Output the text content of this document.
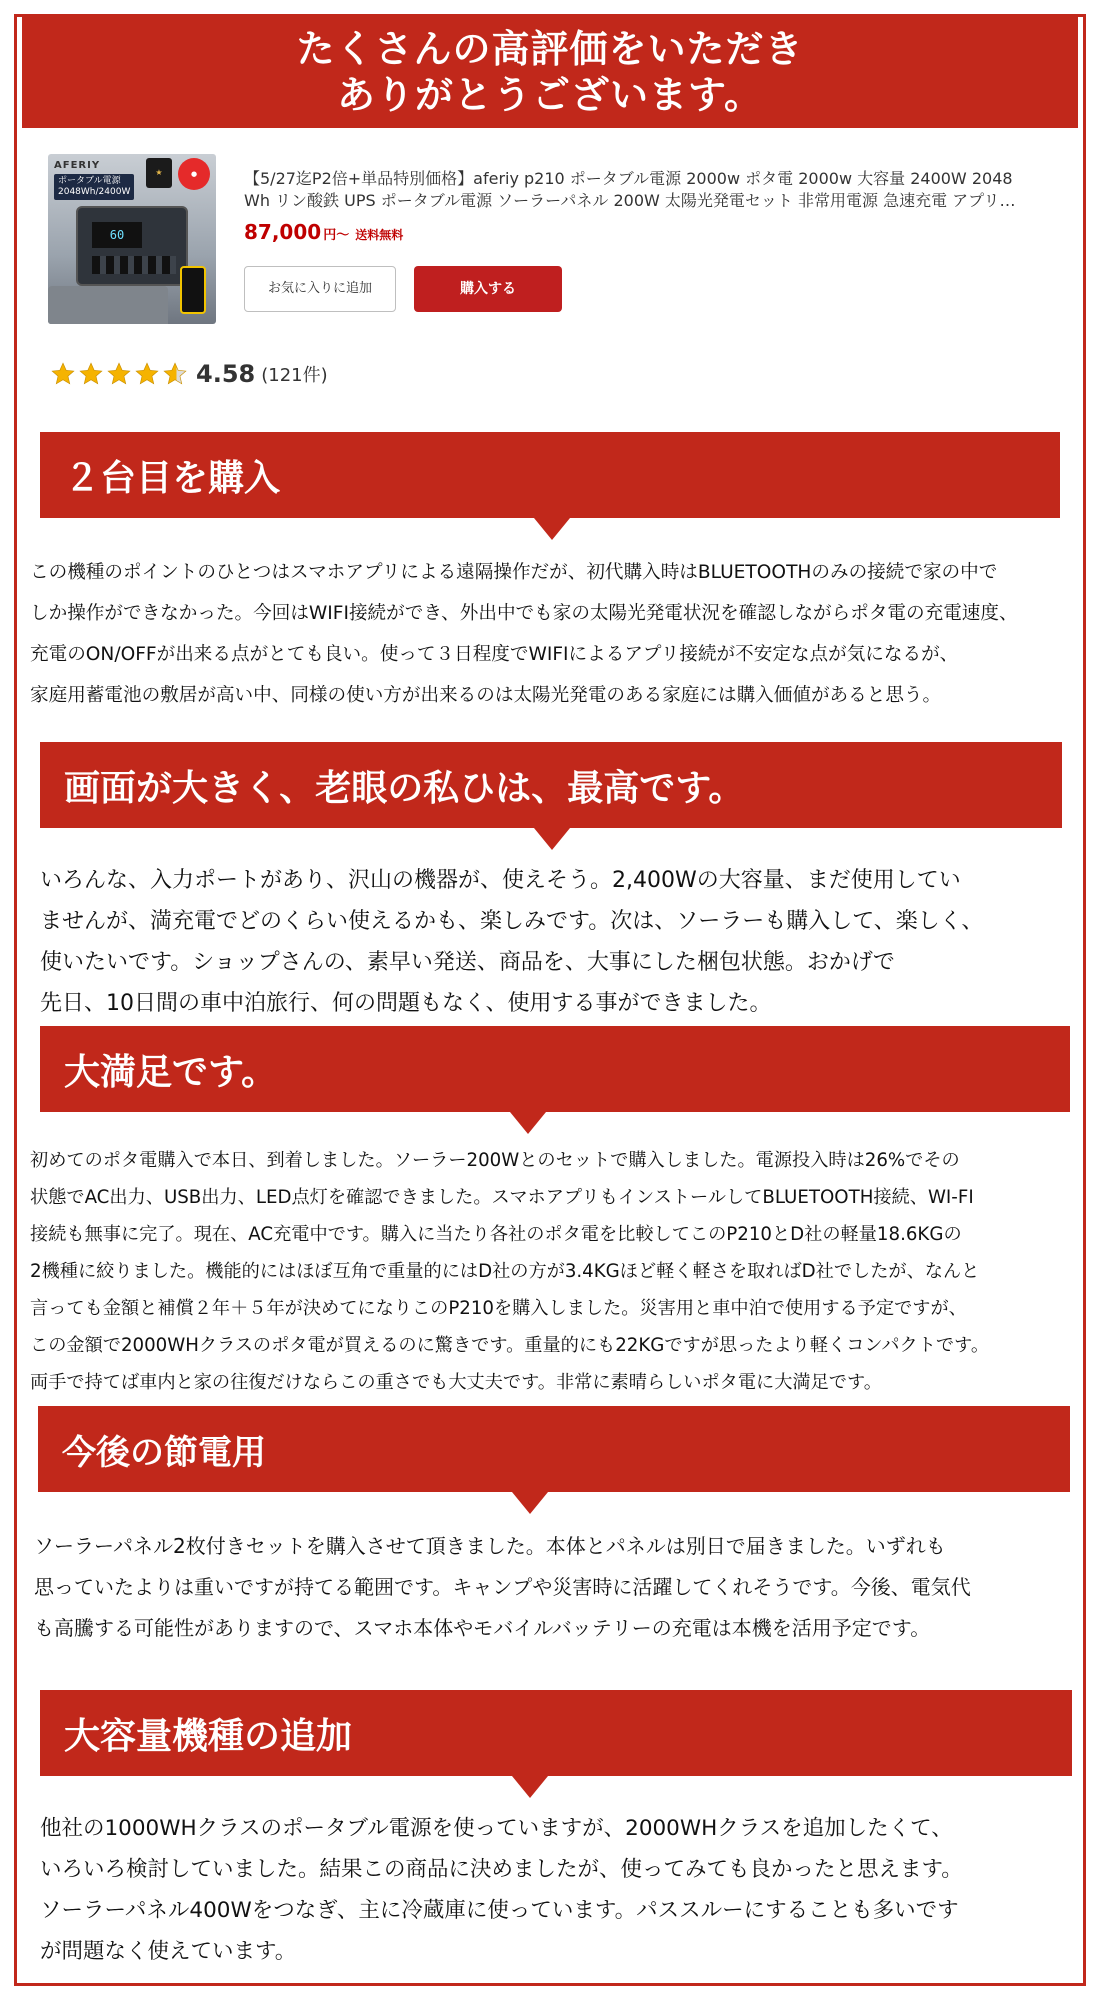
たくさんの高評価をいただき
ありがとうございます。
AFERIY
ポータブル電源
2048Wh/2400W
★	●
60
【5/27迄P2倍+単品特別価格】aferiy p210 ポータブル電源 2000w ポタ電 2000w 大容量 2400W 2048
Wh リン酸鉄 UPS ポータブル電源 ソーラーパネル 200W 太陽光発電セット 非常用電源 急速充電 アプリ…
87,000 円～ 送料無料
お気に入りに追加	購入する
4.58 (121件)
２台目を購入

この機種のポイントのひとつはスマホアプリによる遠隔操作だが、初代購入時はBLUETOOTHのみの接続で家の中で

しか操作ができなかった。今回はWIFI接続ができ、外出中でも家の太陽光発電状況を確認しながらポタ電の充電速度、

充電のON/OFFが出来る点がとても良い。使って３日程度でWIFIによるアプリ接続が不安定な点が気になるが、

家庭用蓄電池の敷居が高い中、同様の使い方が出来るのは太陽光発電のある家庭には購入価値があると思う。

画面が大きく、老眼の私ひは、最高です。

いろんな、入力ポートがあり、沢山の機器が、使えそう。2,400Wの大容量、まだ使用してい

ませんが、満充電でどのくらい使えるかも、楽しみです。次は、ソーラーも購入して、楽しく、

使いたいです。ショップさんの、素早い発送、商品を、大事にした梱包状態。おかげで

先日、10日間の車中泊旅行、何の問題もなく、使用する事ができました。

大満足です。

初めてのポタ電購入で本日、到着しました。ソーラー200Wとのセットで購入しました。電源投入時は26%でその

状態でAC出力、USB出力、LED点灯を確認できました。スマホアプリもインストールしてBLUETOOTH接続、WI-FI

接続も無事に完了。現在、AC充電中です。購入に当たり各社のポタ電を比較してこのP210とD社の軽量18.6KGの

2機種に絞りました。機能的にはほぼ互角で重量的にはD社の方が3.4KGほど軽く軽さを取ればD社でしたが、なんと

言っても金額と補償２年＋５年が決めてになりこのP210を購入しました。災害用と車中泊で使用する予定ですが、

この金額で2000WHクラスのポタ電が買えるのに驚きです。重量的にも22KGですが思ったより軽くコンパクトです。

両手で持てば車内と家の往復だけならこの重さでも大丈夫です。非常に素晴らしいポタ電に大満足です。

今後の節電用

ソーラーパネル2枚付きセットを購入させて頂きました。本体とパネルは別日で届きました。いずれも

思っていたよりは重いですが持てる範囲です。キャンプや災害時に活躍してくれそうです。今後、電気代

も高騰する可能性がありますので、スマホ本体やモバイルバッテリーの充電は本機を活用予定です。

大容量機種の追加

他社の1000WHクラスのポータブル電源を使っていますが、2000WHクラスを追加したくて、

いろいろ検討していました。結果この商品に決めましたが、使ってみても良かったと思えます。

ソーラーパネル400Wをつなぎ、主に冷蔵庫に使っています。パススルーにすることも多いです

が問題なく使えています。
